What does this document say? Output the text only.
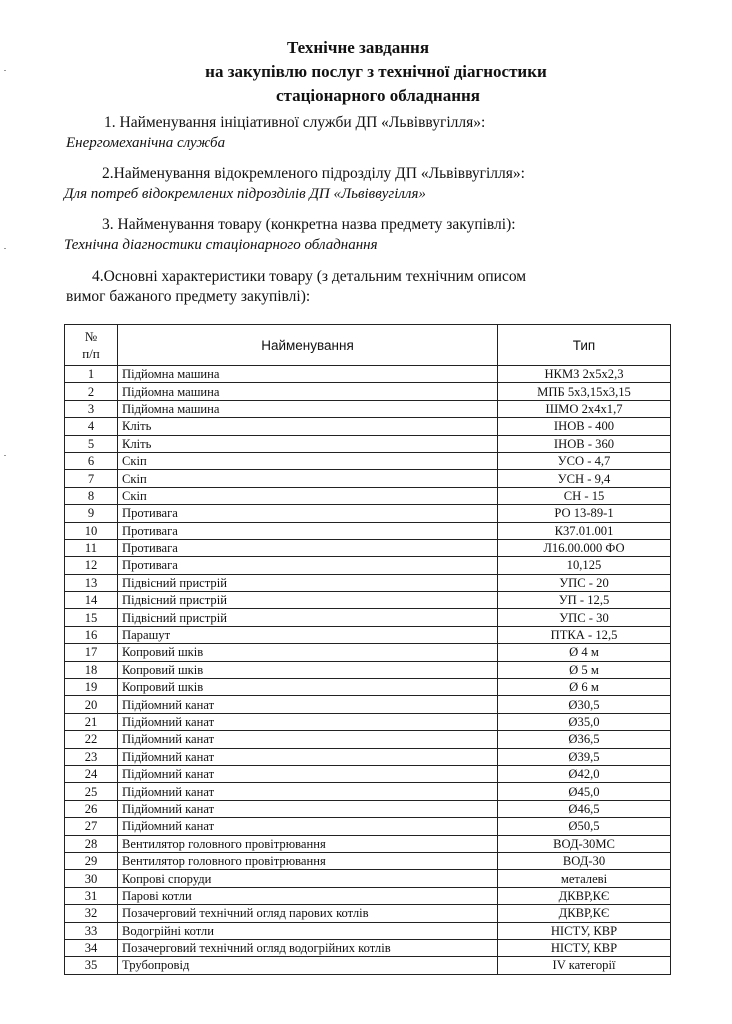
Технічне завдання
на закупівлю послуг з технічної діагностики
стаціонарного обладнання
1. Найменування ініціативної служби ДП «Львіввугілля»:
Енергомеханічна служба
2.Найменування відокремленого підрозділу ДП «Львіввугілля»:
Для потреб відокремлених підрозділів ДП «Львіввугілля»
3. Найменування товару (конкретна назва предмету закупівлі):
Технічна діагностики стаціонарного обладнання
4.Основні характеристики товару (з детальним технічним описом
вимог бажаного предмету закупівлі):
№
п/п	Найменування	Тип
1	Підйомна машина	НКМЗ 2х5х2,3
2	Підйомна машина	МПБ 5х3,15х3,15
3	Підйомна машина	ШМО 2х4х1,7
4	Кліть	ІНОВ - 400
5	Кліть	ІНОВ - 360
6	Скіп	УСО - 4,7
7	Скіп	УСН - 9,4
8	Скіп	СН - 15
9	Противага	РО 13-89-1
10	Противага	К37.01.001
11	Противага	Л16.00.000 ФО
12	Противага	10,125
13	Підвісний пристрій	УПС - 20
14	Підвісний пристрій	УП - 12,5
15	Підвісний пристрій	УПС - 30
16	Парашут	ПТКА - 12,5
17	Копровий шків	Ø 4 м
18	Копровий шків	Ø 5 м
19	Копровий шків	Ø 6 м
20	Підйомний канат	Ø30,5
21	Підйомний канат	Ø35,0
22	Підйомний канат	Ø36,5
23	Підйомний канат	Ø39,5
24	Підйомний канат	Ø42,0
25	Підйомний канат	Ø45,0
26	Підйомний канат	Ø46,5
27	Підйомний канат	Ø50,5
28	Вентилятор головного провітрювання	ВОД-30МС
29	Вентилятор головного провітрювання	ВОД-30
30	Копрові споруди	металеві
31	Парові котли	ДКВР,КЄ
32	Позачерговий технічний огляд парових котлів	ДКВР,КЄ
33	Водогрійні котли	НІСТУ, КВР
34	Позачерговий технічний огляд водогрійних котлів	НІСТУ, КВР
35	Трубопровід	IV категорії
